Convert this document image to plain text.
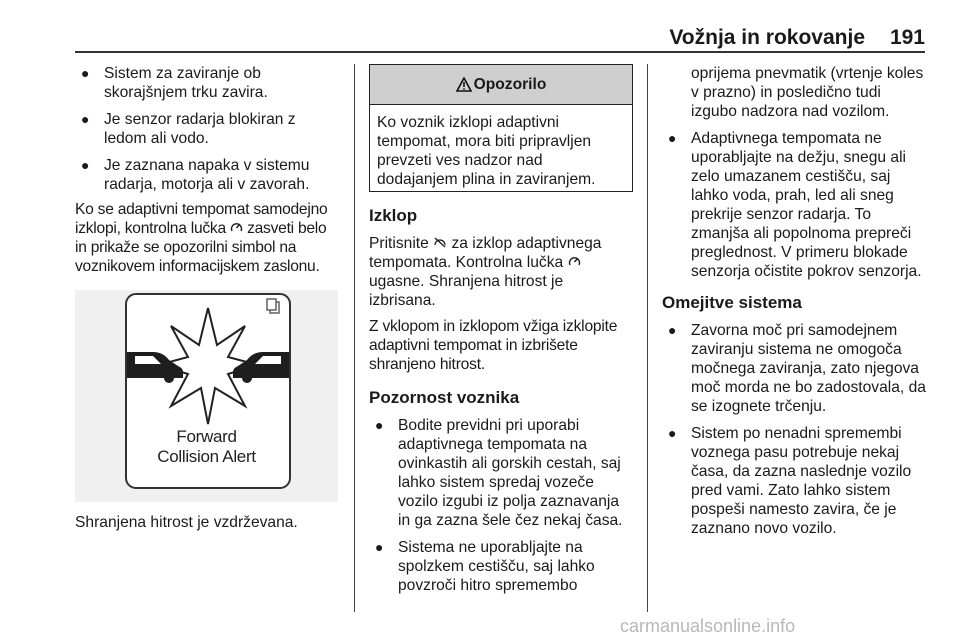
Vožnja in rokovanje 191
● Sistem za zaviranje ob skorajšnjem trku zavira.
● Je senzor radarja blokiran z ledom ali vodo.
● Je zaznana napaka v sistemu radarja, motorja ali v zavorah.

Ko se adaptivni tempomat samodejno izklopi, kontrolna lučka zasveti belo in prikaže se opozorilni simbol na voznikovem informacijskem zaslonu.

Forward
Collision Alert

Shranjena hitrost je vzdrževana.

Opozorilo
Ko voznik izklopi adaptivni tempomat, mora biti pripravljen prevzeti ves nadzor nad dodajanjem plina in zaviranjem.
Izklop

Pritisnite za izklop adaptivnega tempomata. Kontrolna lučka  ugasne. Shranjena hitrost je izbrisana.

Z vklopom in izklopom vžiga izklopite adaptivni tempomat in izbrišete shranjeno hitrost.

Pozornost voznika
● Bodite previdni pri uporabi adaptivnega tempomata na ovinkastih ali gorskih cestah, saj lahko sistem spredaj vozeče vozilo izgubi iz polja zaznavanja in ga zazna šele čez nekaj časa.
● Sistema ne uporabljajte na spolzkem cestišču, saj lahko povzroči hitro spremembo

oprijema pnevmatik (vrtenje koles v prazno) in posledično tudi izgubo nadzora nad vozilom.

● Adaptivnega tempomata ne uporabljajte na dežju, snegu ali zelo umazanem cestišču, saj lahko voda, prah, led ali sneg prekrije senzor radarja. To zmanjša ali popolnoma prepreči preglednost. V primeru blokade senzorja očistite pokrov senzorja.
Omejitve sistema
● Zavorna moč pri samodejnem zaviranju sistema ne omogoča močnega zaviranja, zato njegova moč morda ne bo zadostovala, da se izognete trčenju.
● Sistem po nenadni spremembi voznega pasu potrebuje nekaj časa, da zazna naslednje vozilo pred vami. Zato lahko sistem pospeši namesto zavira, če je zaznano novo vozilo.
carmanualsonline.info
